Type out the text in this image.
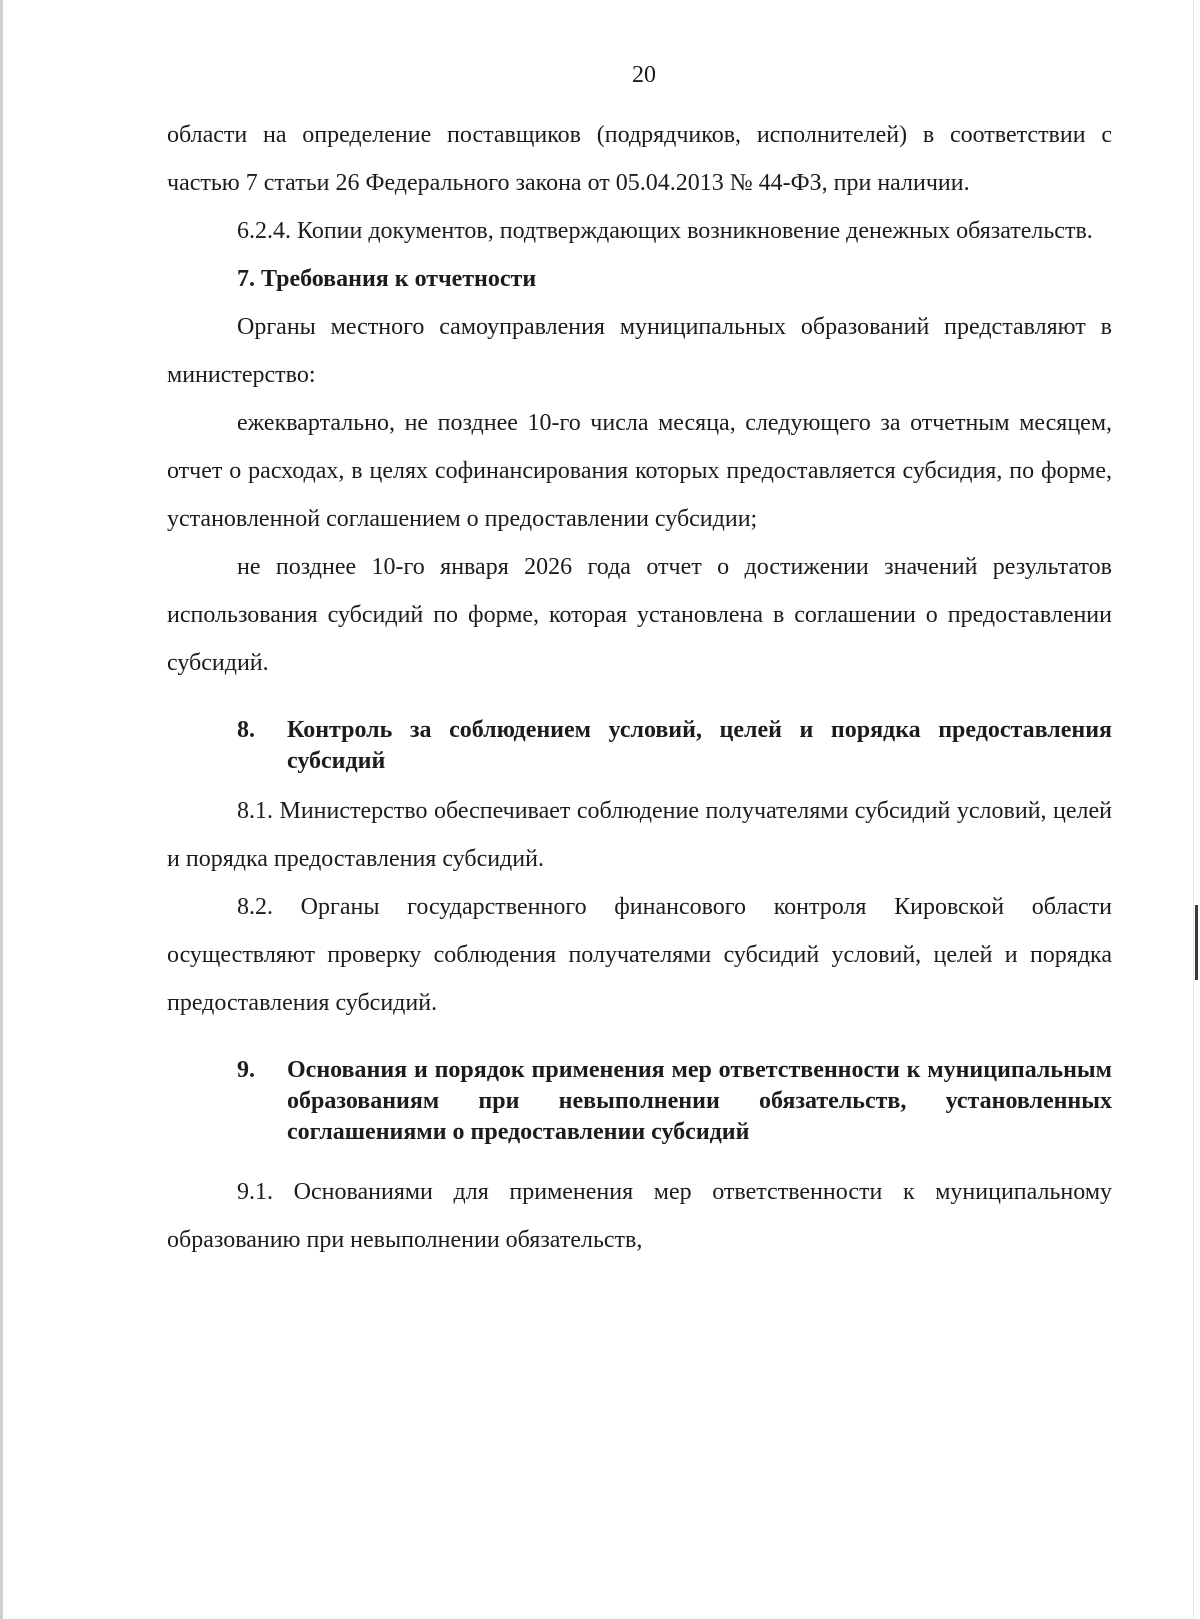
20

области на определение поставщиков (подрядчиков, исполнителей) в соответствии с частью 7 статьи 26 Федерального закона от 05.04.2013 № 44-ФЗ, при наличии.

6.2.4. Копии документов, подтверждающих возникновение денежных обязательств.

7. Требования к отчетности

Органы местного самоуправления муниципальных образований представляют в министерство:

ежеквартально, не позднее 10-го числа месяца, следующего за отчетным месяцем, отчет о расходах, в целях софинансирования которых предоставляется субсидия, по форме, установленной соглашением о предоставлении субсидии;

не позднее 10-го января 2026 года отчет о достижении значений результатов использования субсидий по форме, которая установлена в соглашении о предоставлении субсидий.

8.	Контроль за соблюдением условий, целей и порядка предоставления субсидий

8.1. Министерство обеспечивает соблюдение получателями субсидий условий, целей и порядка предоставления субсидий.

8.2. Органы государственного финансового контроля Кировской области осуществляют проверку соблюдения получателями субсидий условий, целей и порядка предоставления субсидий.

9.	Основания и порядок применения мер ответственности к муниципальным образованиям при невыполнении обязательств, установленных соглашениями о предоставлении субсидий

9.1. Основаниями для применения мер ответственности к муниципальному образованию при невыполнении обязательств,
